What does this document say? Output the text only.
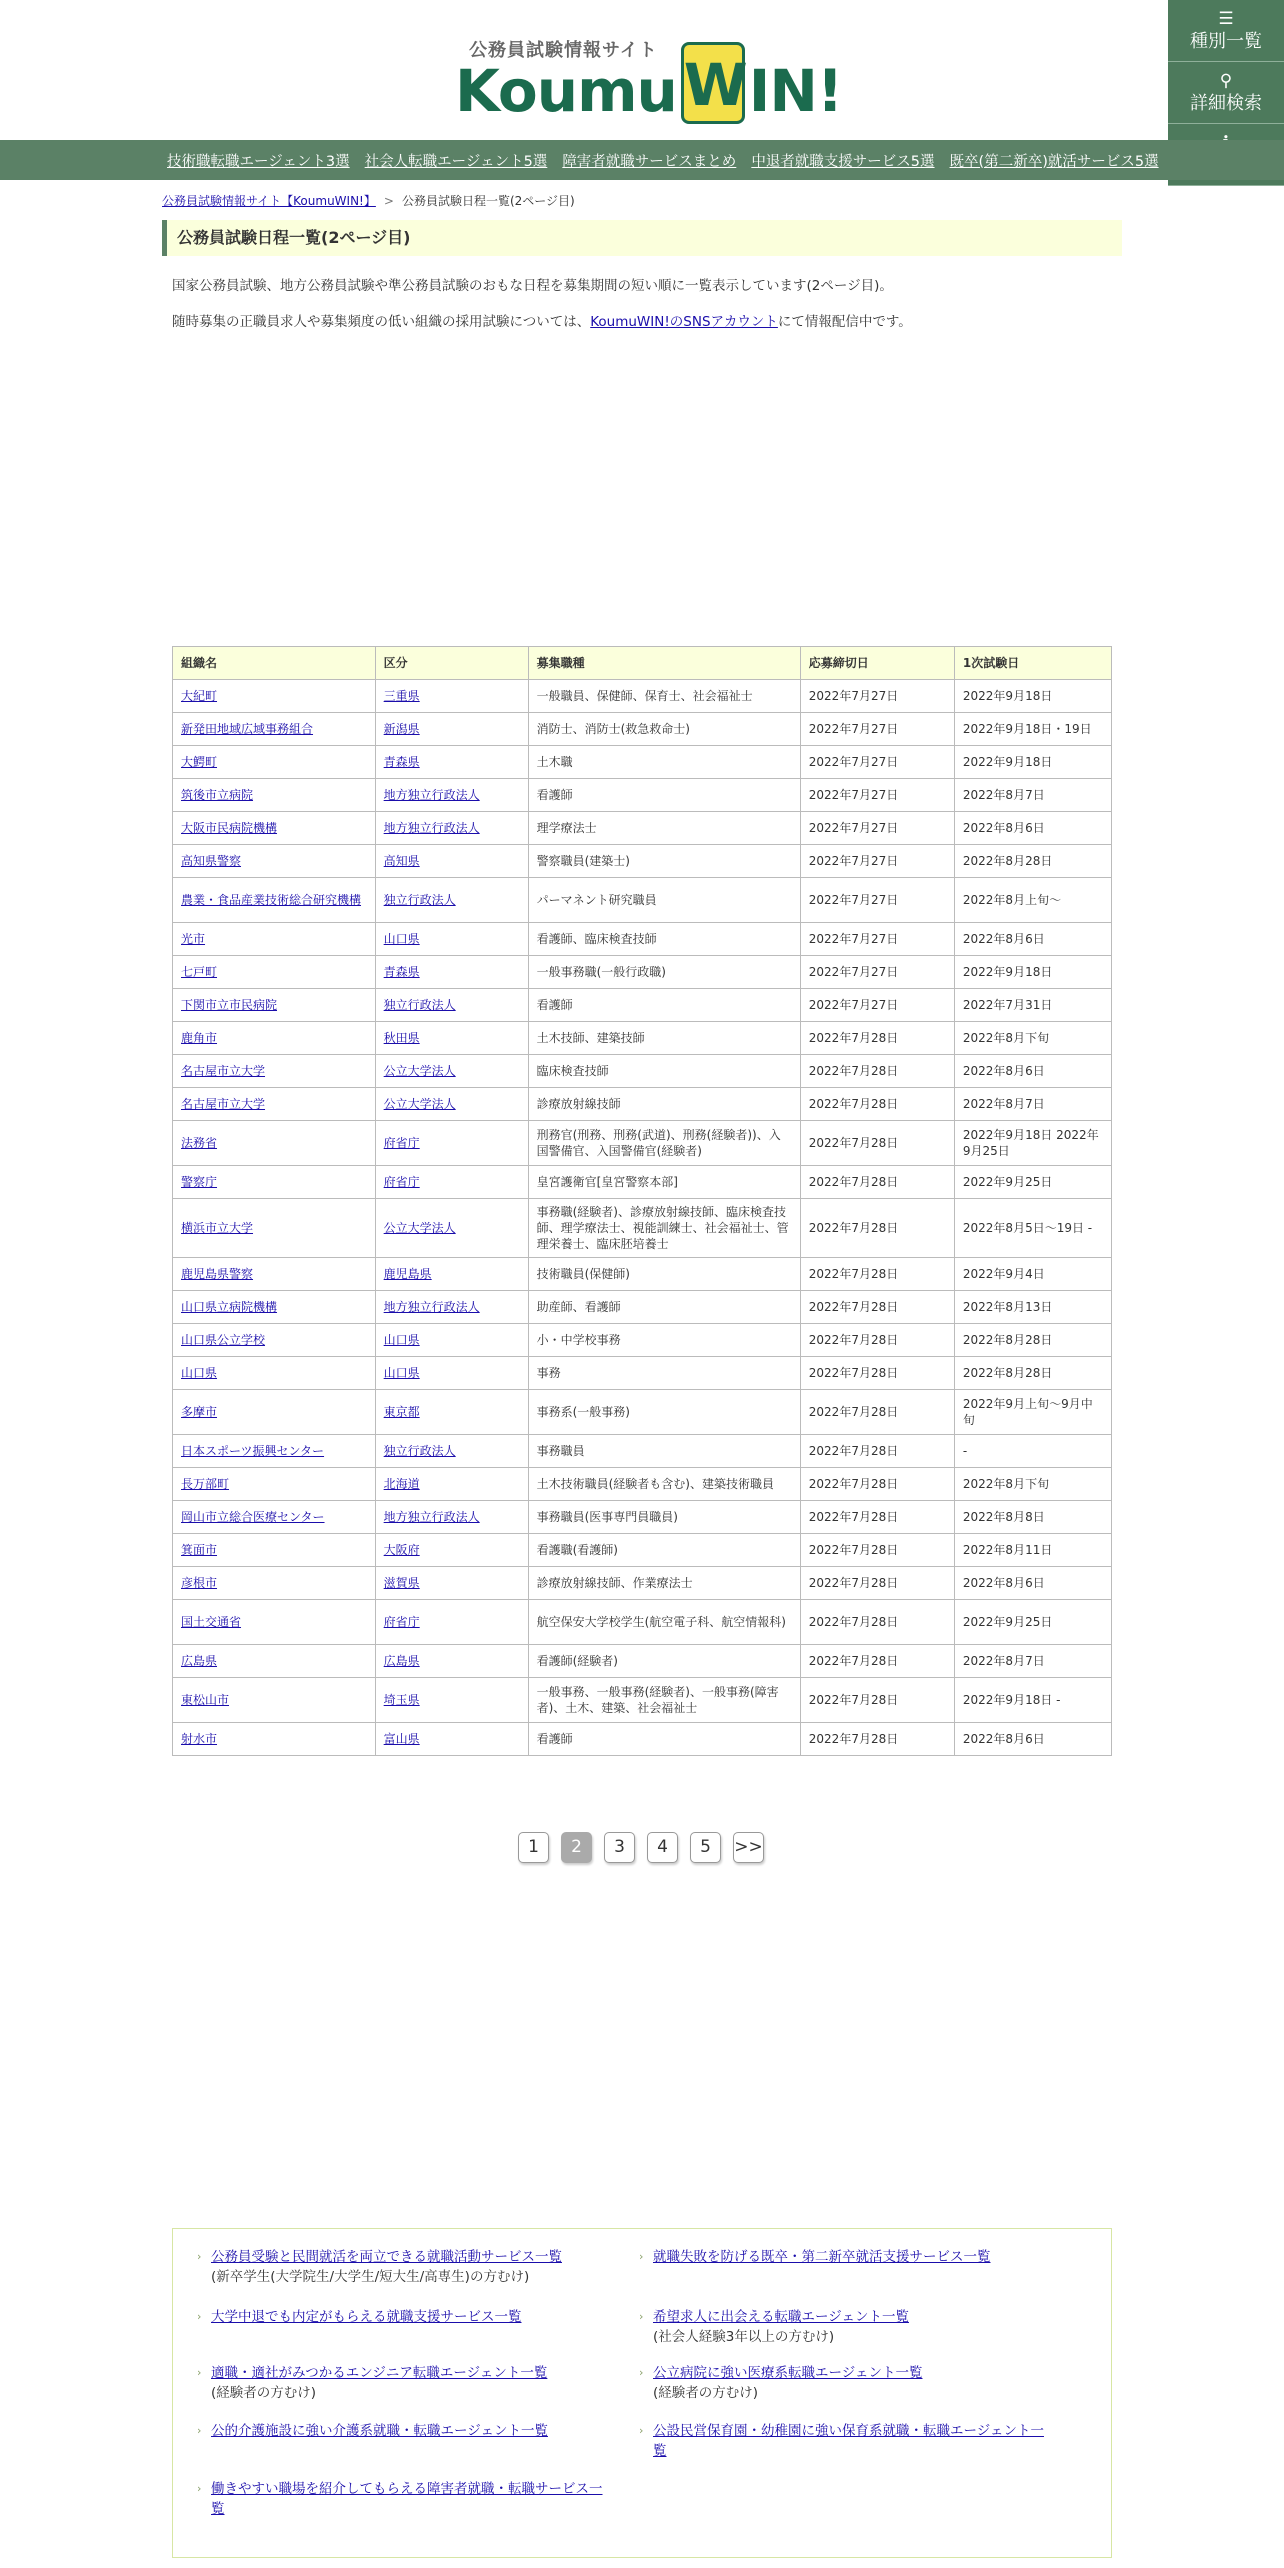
公務員試験情報サイト
Koumu W IN!
☰
種別一覧
⚲
詳細検索
技術職転職エージェント3選 社会人転職エージェント5選 障害者就職サービスまとめ 中退者就職支援サービス5選 既卒(第二新卒)就活サービス5選
公務員試験情報サイト【KoumuWIN!】 > 公務員試験日程一覧(2ページ目)
公務員試験日程一覧(2ページ目)

国家公務員試験、地方公務員試験や準公務員試験のおもな日程を募集期間の短い順に一覧表示しています(2ページ目)。

随時募集の正職員求人や募集頻度の低い組織の採用試験については、KoumuWIN!のSNSアカウントにて情報配信中です。

組織名	区分	募集職種	応募締切日	1次試験日
大紀町	三重県	一般職員、保健師、保育士、社会福祉士	2022年7月27日	2022年9月18日
新発田地域広域事務組合	新潟県	消防士、消防士(救急救命士)	2022年7月27日	2022年9月18日・19日
大鰐町	青森県	土木職	2022年7月27日	2022年9月18日
筑後市立病院	地方独立行政法人	看護師	2022年7月27日	2022年8月7日
大阪市民病院機構	地方独立行政法人	理学療法士	2022年7月27日	2022年8月6日
高知県警察	高知県	警察職員(建築士)	2022年7月27日	2022年8月28日
農業・食品産業技術総合研究機構	独立行政法人	パーマネント研究職員	2022年7月27日	2022年8月上旬～
光市	山口県	看護師、臨床検査技師	2022年7月27日	2022年8月6日
七戸町	青森県	一般事務職(一般行政職)	2022年7月27日	2022年9月18日
下関市立市民病院	独立行政法人	看護師	2022年7月27日	2022年7月31日
鹿角市	秋田県	土木技師、建築技師	2022年7月28日	2022年8月下旬
名古屋市立大学	公立大学法人	臨床検査技師	2022年7月28日	2022年8月6日
名古屋市立大学	公立大学法人	診療放射線技師	2022年7月28日	2022年8月7日
法務省	府省庁	刑務官(刑務、刑務(武道)、刑務(経験者))、入国警備官、入国警備官(経験者)	2022年7月28日	2022年9月18日 2022年9月25日
警察庁	府省庁	皇宮護衛官[皇宮警察本部]	2022年7月28日	2022年9月25日
横浜市立大学	公立大学法人	事務職(経験者)、診療放射線技師、臨床検査技師、理学療法士、視能訓練士、社会福祉士、管理栄養士、臨床胚培養士	2022年7月28日	2022年8月5日～19日 -
鹿児島県警察	鹿児島県	技術職員(保健師)	2022年7月28日	2022年9月4日
山口県立病院機構	地方独立行政法人	助産師、看護師	2022年7月28日	2022年8月13日
山口県公立学校	山口県	小・中学校事務	2022年7月28日	2022年8月28日
山口県	山口県	事務	2022年7月28日	2022年8月28日
多摩市	東京都	事務系(一般事務)	2022年7月28日	2022年9月上旬～9月中旬
日本スポーツ振興センター	独立行政法人	事務職員	2022年7月28日	-
長万部町	北海道	土木技術職員(経験者も含む)、建築技術職員	2022年7月28日	2022年8月下旬
岡山市立総合医療センター	地方独立行政法人	事務職員(医事専門員職員)	2022年7月28日	2022年8月8日
箕面市	大阪府	看護職(看護師)	2022年7月28日	2022年8月11日
彦根市	滋賀県	診療放射線技師、作業療法士	2022年7月28日	2022年8月6日
国土交通省	府省庁	航空保安大学校学生(航空電子科、航空情報科)	2022年7月28日	2022年9月25日
広島県	広島県	看護師(経験者)	2022年7月28日	2022年8月7日
東松山市	埼玉県	一般事務、一般事務(経験者)、一般事務(障害者)、土木、建築、社会福祉士	2022年7月28日	2022年9月18日 -
射水市	富山県	看護師	2022年7月28日	2022年8月6日
1	2	3	4	5	>>
› 公務員受験と民間就活を両立できる就職活動サービス一覧
(新卒学生(大学院生/大学生/短大生/高専生)の方むけ)
› 就職失敗を防げる既卒・第二新卒就活支援サービス一覧
› 大学中退でも内定がもらえる就職支援サービス一覧	› 希望求人に出会える転職エージェント一覧
(社会人経験3年以上の方むけ)
› 適職・適社がみつかるエンジニア転職エージェント一覧
(経験者の方むけ)
› 公立病院に強い医療系転職エージェント一覧
(経験者の方むけ)
› 公的介護施設に強い介護系就職・転職エージェント一覧	› 公設民営保育園・幼稚園に強い保育系就職・転職エージェント一覧
› 働きやすい職場を紹介してもらえる障害者就職・転職サービス一覧
